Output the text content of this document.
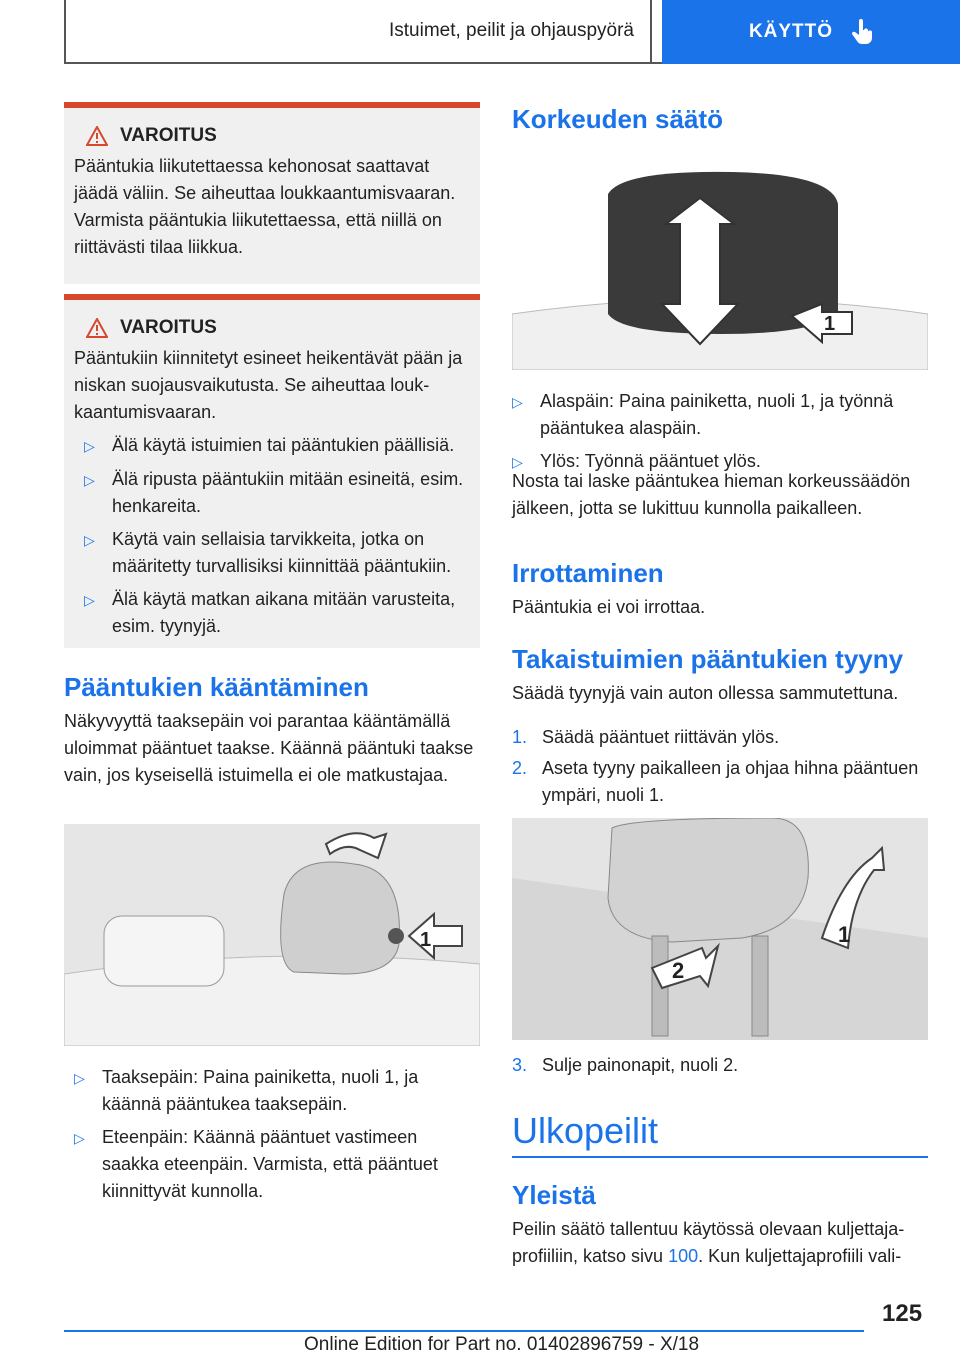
Istuimet, peilit ja ohjauspyörä	KÄYTTÖ
VAROITUS
Pääntukia liikutettaessa kehonosat saattavat jäädä väliin. Se aiheuttaa loukkaantumisvaaran. Varmista pääntukia liikutettaessa, että niillä on riittävästi tilaa liikkua.
VAROITUS
Pääntukiin kiinnitetyt esineet heikentävät pään ja niskan suojausvaikutusta. Se aiheuttaa loukkaantumisvaaran.
▷ Älä käytä istuimien tai pääntukien päällisiä.
▷ Älä ripusta pääntukiin mitään esineitä, esim. henkareita.
▷ Käytä vain sellaisia tarvikkeita, jotka on määritetty turvallisiksi kiinnittää pääntukiin.
▷ Älä käytä matkan aikana mitään varusteita, esim. tyynyjä.
Pääntukien kääntäminen
Näkyvyyttä taaksepäin voi parantaa kääntämällä uloimmat pääntuet taakse. Käännä pääntuki taakse vain, jos kyseisellä istuimella ei ole matkustajaa.
1
▷ Taaksepäin: Paina painiketta, nuoli 1, ja käännä pääntukea taaksepäin.
▷ Eteenpäin: Käännä pääntuet vastimeen saakka eteenpäin. Varmista, että pääntuet kiinnittyvät kunnolla.
Korkeuden säätö
1
▷ Alaspäin: Paina painiketta, nuoli 1, ja työnnä pääntukea alaspäin.
▷ Ylös: Työnnä pääntuet ylös.
Nosta tai laske pääntukea hieman korkeussäädön jälkeen, jotta se lukittuu kunnolla paikalleen.
Irrottaminen
Pääntukia ei voi irrottaa.
Takaistuimien pääntukien tyyny
Säädä tyynyjä vain auton ollessa sammutettuna.
1. Säädä pääntuet riittävän ylös.
2. Aseta tyyny paikalleen ja ohjaa hihna pääntuen ympäri, nuoli 1.
1
2
3. Sulje painonapit, nuoli 2.
Ulkopeilit
Yleistä
Peilin säätö tallentuu käytössä olevaan kuljettajaprofiiliin, katso sivu 100. Kun kuljettajaprofiili vali-
125
Online Edition for Part no. 01402896759 - X/18
